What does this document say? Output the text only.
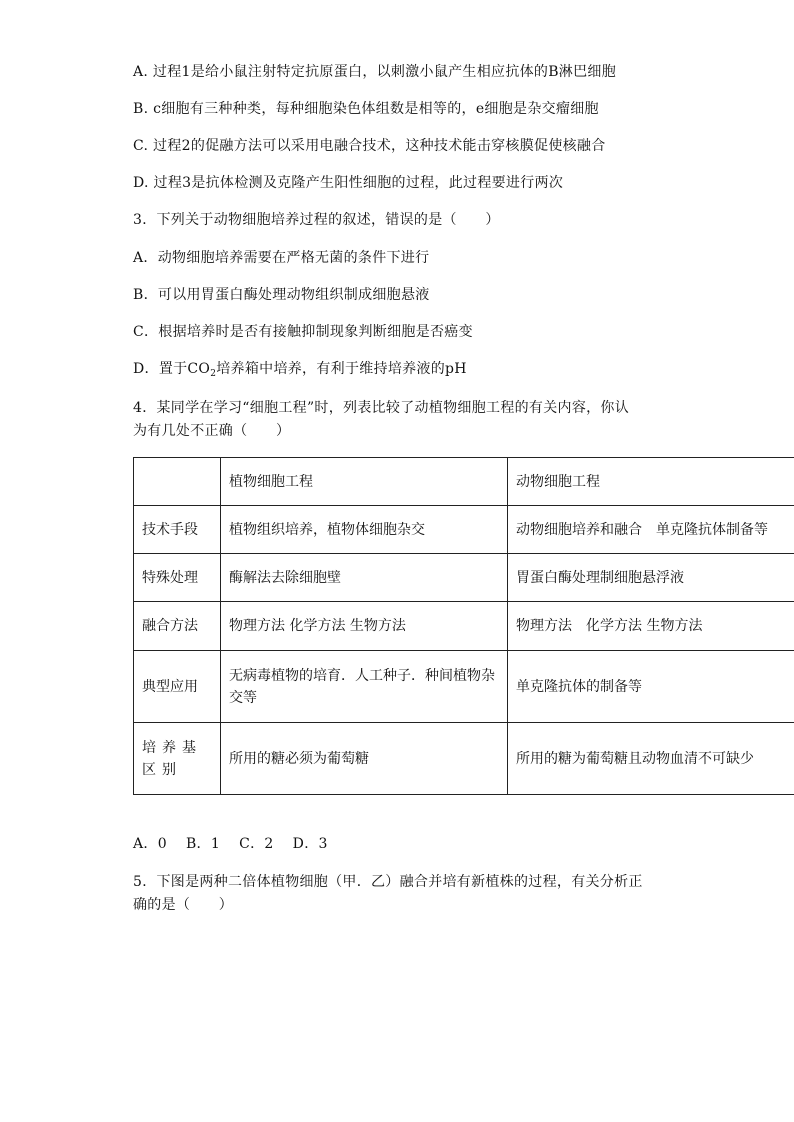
A. 过程1是给小鼠注射特定抗原蛋白，以刺激小鼠产生相应抗体的B淋巴细胞
B. c细胞有三种种类，每种细胞染色体组数是相等的，e细胞是杂交瘤细胞
C. 过程2的促融方法可以采用电融合技术，这种技术能击穿核膜促使核融合
D. 过程3是抗体检测及克隆产生阳性细胞的过程，此过程要进行两次
3．下列关于动物细胞培养过程的叙述，错误的是（　　）
A．动物细胞培养需要在严格无菌的条件下进行
B．可以用胃蛋白酶处理动物组织制成细胞悬液
C．根据培养时是否有接触抑制现象判断细胞是否癌变
D．置于$CO_2$培养箱中培养，有利于维持培养液的pH
4．某同学在学习“细胞工程”时，列表比较了动植物细胞工程的有关内容，你认
为有几处不正确（　　）
	植物细胞工程	动物细胞工程
技术手段	植物组织培养，植物体细胞杂交	动物细胞培养和融合　单克隆抗体制备等
特殊处理	酶解法去除细胞壁	胃蛋白酶处理制细胞悬浮液
融合方法	物理方法 化学方法 生物方法	物理方法　化学方法 生物方法
典型应用	无病毒植物的培育．人工种子．种间植物杂交等	单克隆抗体的制备等
培养基区别	所用的糖必须为葡萄糖	所用的糖为葡萄糖且动物血清不可缺少
A．0　 B．1　 C．2　 D．3
5．下图是两种二倍体植物细胞（甲．乙）融合并培有新植株的过程，有关分析正
确的是（　　）
